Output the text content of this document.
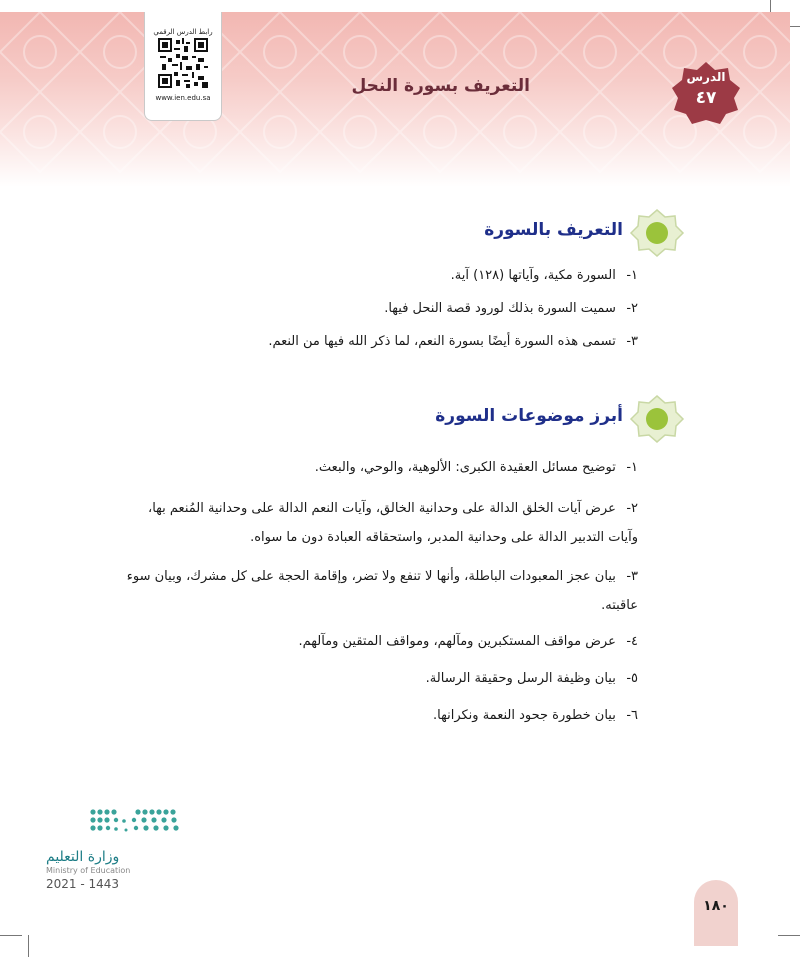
رابط الدرس الرقمي
www.ien.edu.sa
التعريف بسورة النحل	الدرس
٤٧
التعريف بالسورة
١- السورة مكية، وآياتها (١٢٨) آية.
٢- سميت السورة بذلك لورود قصة النحل فيها.
٣- تسمى هذه السورة أيضًا بسورة النعم، لما ذكر الله فيها من النعم.
أبرز موضوعات السورة
١- توضيح مسائل العقيدة الكبرى: الألوهية، والوحي، والبعث.
٢- عرض آيات الخلق الدالة على وحدانية الخالق، وآيات النعم الدالة على وحدانية المُنعم بها، وآيات التدبير الدالة على وحدانية المدبر، واستحقاقه العبادة دون ما سواه.
٣- بيان عجز المعبودات الباطلة، وأنها لا تنفع ولا تضر، وإقامة الحجة على كل مشرك، وبيان سوء عاقبته.
٤- عرض مواقف المستكبرين ومآلهم، ومواقف المتقين ومآلهم.
٥- بيان وظيفة الرسل وحقيقة الرسالة.
٦- بيان خطورة جحود النعمة ونكرانها.
وزارة التعليم
Ministry of Education
2021 - 1443
١٨٠
